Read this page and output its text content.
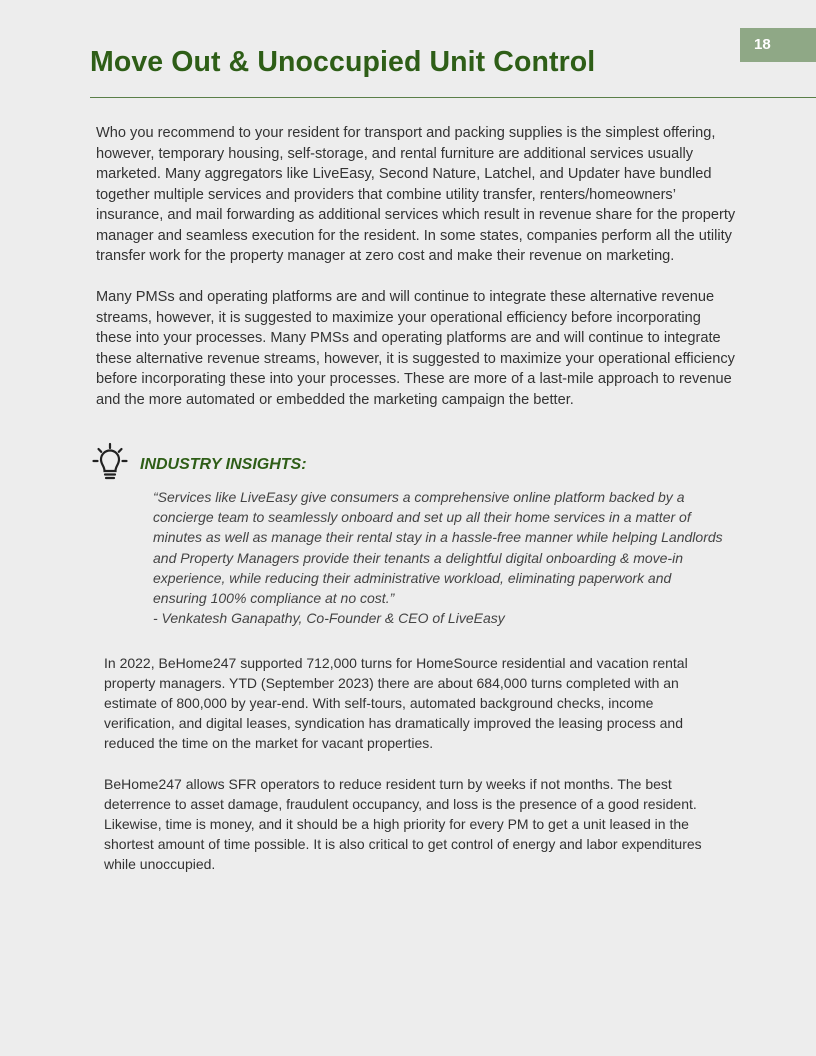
18
Move Out & Unoccupied Unit Control

Who you recommend to your resident for transport and packing supplies is the simplest offering, however, temporary housing, self-storage, and rental furniture are additional services usually marketed. Many aggregators like LiveEasy, Second Nature, Latchel, and Updater have bundled together multiple services and providers that combine utility transfer, renters/homeowners’ insurance, and mail forwarding as additional services which result in revenue share for the property manager and seamless execution for the resident. In some states, companies perform all the utility transfer work for the property manager at zero cost and make their revenue on marketing.

Many PMSs and operating platforms are and will continue to integrate these alternative revenue streams, however, it is suggested to maximize your operational efficiency before incorporating these into your processes. Many PMSs and operating platforms are and will continue to integrate these alternative revenue streams, however, it is suggested to maximize your operational efficiency before incorporating these into your processes. These are more of a last-mile approach to revenue and the more automated or embedded the marketing campaign the better.

INDUSTRY INSIGHTS:

“Services like LiveEasy give consumers a comprehensive online platform backed by a concierge team to seamlessly onboard and set up all their home services in a matter of minutes as well as manage their rental stay in a hassle-free manner while helping Landlords and Property Managers provide their tenants a delightful digital onboarding & move-in experience, while reducing their administrative workload, eliminating paperwork and ensuring 100% compliance at no cost.”

- Venkatesh Ganapathy, Co-Founder & CEO of LiveEasy

In 2022, BeHome247 supported 712,000 turns for HomeSource residential and vacation rental property managers. YTD (September 2023) there are about 684,000 turns completed with an estimate of 800,000 by year-end. With self-tours, automated background checks, income verification, and digital leases, syndication has dramatically improved the leasing process and reduced the time on the market for vacant properties.

BeHome247 allows SFR operators to reduce resident turn by weeks if not months. The best deterrence to asset damage, fraudulent occupancy, and loss is the presence of a good resident. Likewise, time is money, and it should be a high priority for every PM to get a unit leased in the shortest amount of time possible. It is also critical to get control of energy and labor expenditures while unoccupied.
